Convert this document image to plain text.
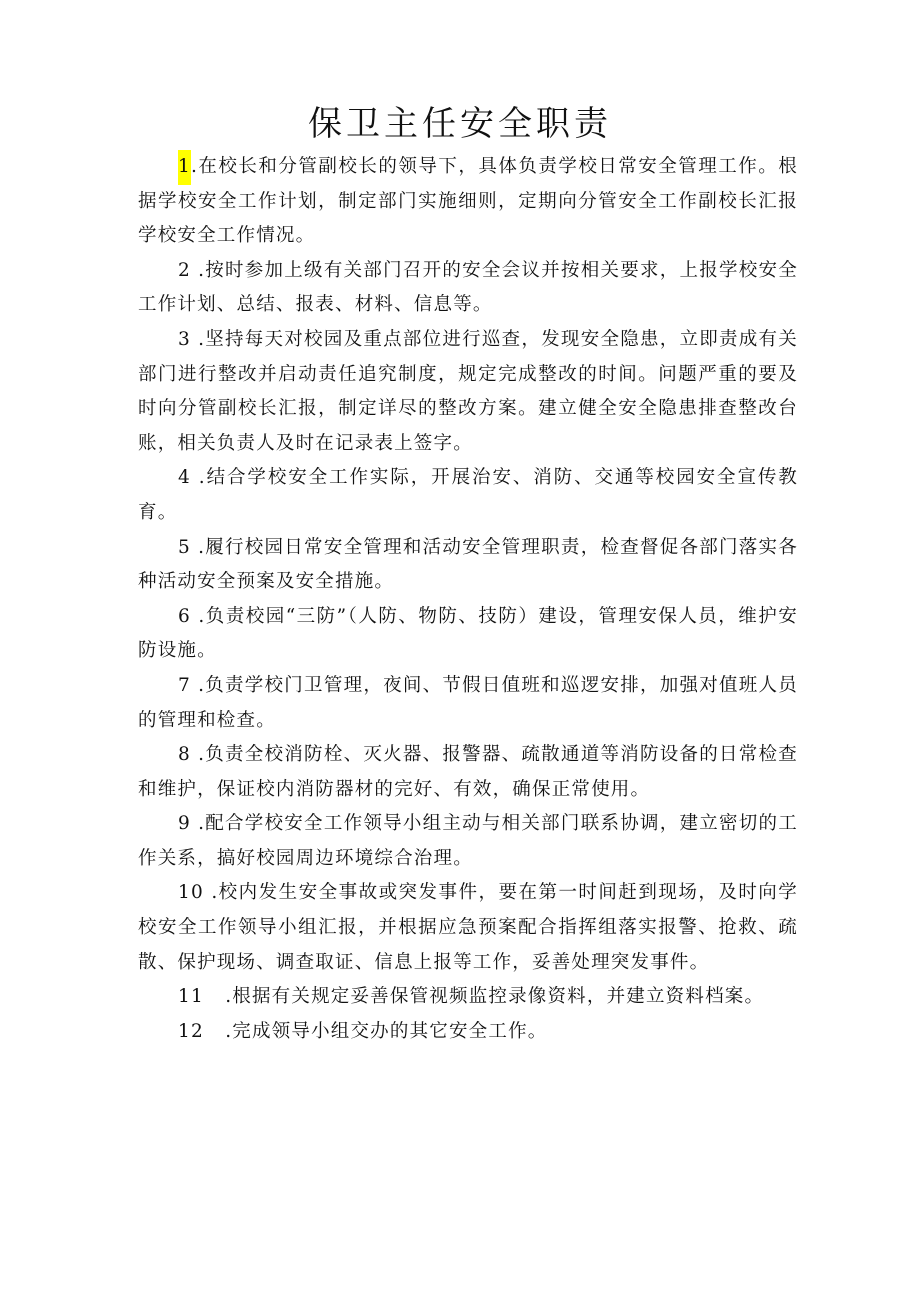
保卫主任安全职责

1.在校长和分管副校长的领导下，具体负责学校日常安全管理工作。根据学校安全工作计划，制定部门实施细则，定期向分管安全工作副校长汇报学校安全工作情况。

2 .按时参加上级有关部门召开的安全会议并按相关要求，上报学校安全工作计划、总结、报表、材料、信息等。

3 .坚持每天对校园及重点部位进行巡查，发现安全隐患，立即责成有关部门进行整改并启动责任追究制度，规定完成整改的时间。问题严重的要及时向分管副校长汇报，制定详尽的整改方案。建立健全安全隐患排查整改台账，相关负责人及时在记录表上签字。

4 .结合学校安全工作实际，开展治安、消防、交通等校园安全宣传教育。

5 .履行校园日常安全管理和活动安全管理职责，检查督促各部门落实各种活动安全预案及安全措施。

6 .负责校园“三防”（人防、物防、技防）建设，管理安保人员，维护安防设施。

7 .负责学校门卫管理，夜间、节假日值班和巡逻安排，加强对值班人员的管理和检查。

8 .负责全校消防栓、灭火器、报警器、疏散通道等消防设备的日常检查和维护，保证校内消防器材的完好、有效，确保正常使用。

9 .配合学校安全工作领导小组主动与相关部门联系协调，建立密切的工作关系，搞好校园周边环境综合治理。

10 .校内发生安全事故或突发事件，要在第一时间赶到现场，及时向学校安全工作领导小组汇报，并根据应急预案配合指挥组落实报警、抢救、疏散、保护现场、调查取证、信息上报等工作，妥善处理突发事件。

11   .根据有关规定妥善保管视频监控录像资料，并建立资料档案。

12   .完成领导小组交办的其它安全工作。
